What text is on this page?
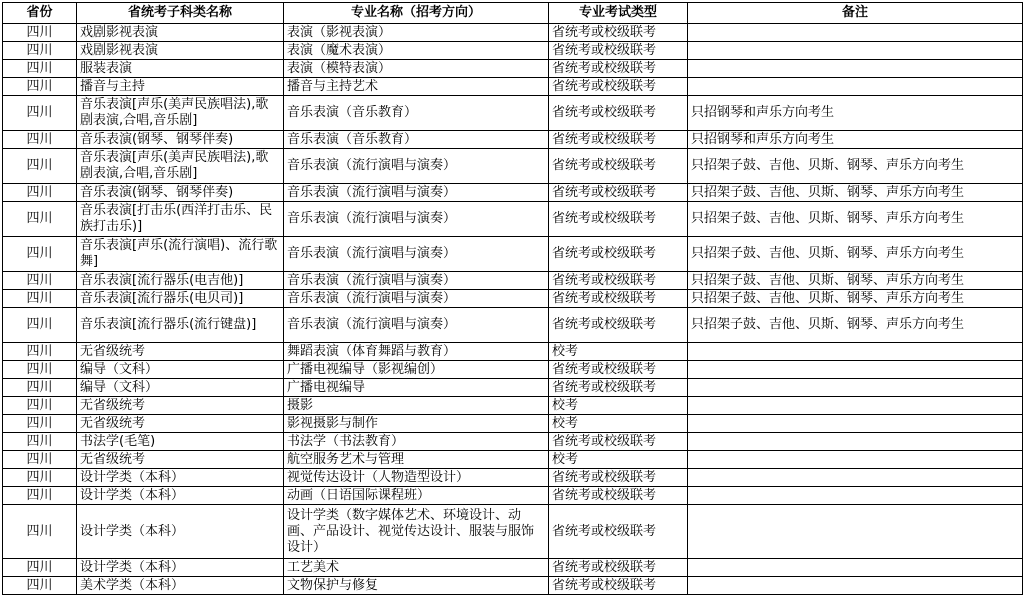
省份	省统考子科类名称	专业名称（招考方向）	专业考试类型	备注
四川	戏剧影视表演	表演（影视表演）	省统考或校级联考	
四川	戏剧影视表演	表演（魔术表演）	省统考或校级联考	
四川	服装表演	表演（模特表演）	省统考或校级联考	
四川	播音与主持	播音与主持艺术	省统考或校级联考	
四川	音乐表演[声乐(美声民族唱法),歌剧表演,合唱,音乐剧]	音乐表演（音乐教育）	省统考或校级联考	只招钢琴和声乐方向考生
四川	音乐表演(钢琴、钢琴伴奏)	音乐表演（音乐教育）	省统考或校级联考	只招钢琴和声乐方向考生
四川	音乐表演[声乐(美声民族唱法),歌剧表演,合唱,音乐剧]	音乐表演（流行演唱与演奏）	省统考或校级联考	只招架子鼓、吉他、贝斯、钢琴、声乐方向考生
四川	音乐表演(钢琴、钢琴伴奏)	音乐表演（流行演唱与演奏）	省统考或校级联考	只招架子鼓、吉他、贝斯、钢琴、声乐方向考生
四川	音乐表演[打击乐(西洋打击乐、民族打击乐)]	音乐表演（流行演唱与演奏）	省统考或校级联考	只招架子鼓、吉他、贝斯、钢琴、声乐方向考生
四川	音乐表演[声乐(流行演唱)、流行歌舞]	音乐表演（流行演唱与演奏）	省统考或校级联考	只招架子鼓、吉他、贝斯、钢琴、声乐方向考生
四川	音乐表演[流行器乐(电吉他)]	音乐表演（流行演唱与演奏）	省统考或校级联考	只招架子鼓、吉他、贝斯、钢琴、声乐方向考生
四川	音乐表演[流行器乐(电贝司)]	音乐表演（流行演唱与演奏）	省统考或校级联考	只招架子鼓、吉他、贝斯、钢琴、声乐方向考生
四川	音乐表演[流行器乐(流行键盘)]	音乐表演（流行演唱与演奏）	省统考或校级联考	只招架子鼓、吉他、贝斯、钢琴、声乐方向考生
四川	无省级统考	舞蹈表演（体育舞蹈与教育）	校考	
四川	编导（文科）	广播电视编导（影视编创）	省统考或校级联考	
四川	编导（文科）	广播电视编导	省统考或校级联考	
四川	无省级统考	摄影	校考	
四川	无省级统考	影视摄影与制作	校考	
四川	书法学(毛笔)	书法学（书法教育）	省统考或校级联考	
四川	无省级统考	航空服务艺术与管理	校考	
四川	设计学类（本科）	视觉传达设计（人物造型设计）	省统考或校级联考	
四川	设计学类（本科）	动画（日语国际课程班）	省统考或校级联考	
四川	设计学类（本科）	设计学类（数字媒体艺术、环境设计、动画、产品设计、视觉传达设计、服装与服饰设计）	省统考或校级联考	
四川	设计学类（本科）	工艺美术	省统考或校级联考	
四川	美术学类（本科）	文物保护与修复	省统考或校级联考	
